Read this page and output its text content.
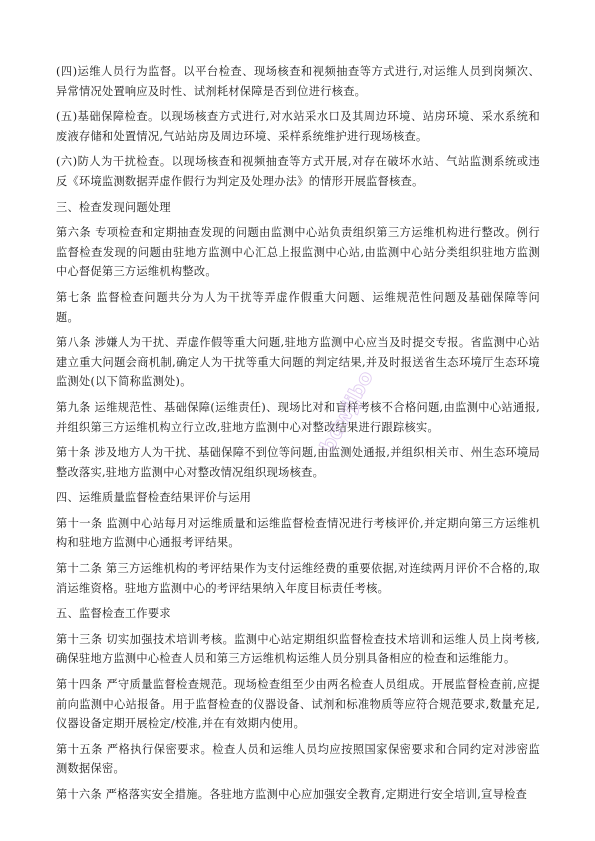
(四)运维人员行为监督。以平台检查、现场核查和视频抽查等方式进行,对运维人员到岗频次、异常情况处置响应及时性、试剂耗材保障是否到位进行核查。

(五)基础保障检查。以现场核查方式进行,对水站采水口及其周边环境、站房环境、采水系统和废液存储和处置情况,气站站房及周边环境、采样系统维护进行现场核查。

(六)防人为干扰检查。以现场核查和视频抽查等方式开展,对存在破坏水站、气站监测系统或违反《环境监测数据弄虚作假行为判定及处理办法》的情形开展监督核查。

三、检查发现问题处理

第六条 专项检查和定期抽查发现的问题由监测中心站负责组织第三方运维机构进行整改。例行监督检查发现的问题由驻地方监测中心汇总上报监测中心站,由监测中心站分类组织驻地方监测中心督促第三方运维机构整改。

第七条 监督检查问题共分为人为干扰等弄虚作假重大问题、运维规范性问题及基础保障等问题。

第八条 涉嫌人为干扰、弄虚作假等重大问题,驻地方监测中心应当及时提交专报。省监测中心站建立重大问题会商机制,确定人为干扰等重大问题的判定结果,并及时报送省生态环境厅生态环境监测处(以下简称监测处)。

第九条 运维规范性、基础保障(运维责任)、现场比对和盲样考核不合格问题,由监测中心站通报,并组织第三方运维机构立行立改,驻地方监测中心对整改结果进行跟踪核实。

第十条 涉及地方人为干扰、基础保障不到位等问题,由监测处通报,并组织相关市、州生态环境局整改落实,驻地方监测中心对整改情况组织现场核查。

四、运维质量监督检查结果评价与运用

第十一条 监测中心站每月对运维质量和运维监督检查情况进行考核评价,并定期向第三方运维机构和驻地方监测中心通报考评结果。

第十二条 第三方运维机构的考评结果作为支付运维经费的重要依据,对连续两月评价不合格的,取消运维资格。驻地方监测中心的考评结果纳入年度目标责任考核。

五、监督检查工作要求

第十三条 切实加强技术培训考核。监测中心站定期组织监督检查技术培训和运维人员上岗考核,确保驻地方监测中心检查人员和第三方运维机构运维人员分别具备相应的检查和运维能力。

第十四条 严守质量监督检查规范。现场检查组至少由两名检查人员组成。开展监督检查前,应提前向监测中心站报备。用于监督检查的仪器设备、试剂和标准物质等应符合规范要求,数量充足,仪器设备定期开展检定/校准,并在有效期内使用。

第十五条 严格执行保密要求。检查人员和运维人员均应按照国家保密要求和合同约定对涉密监测数据保密。

第十六条 严格落实安全措施。各驻地方监测中心应加强安全教育,定期进行安全培训,宣导检查

bdwjjbo
